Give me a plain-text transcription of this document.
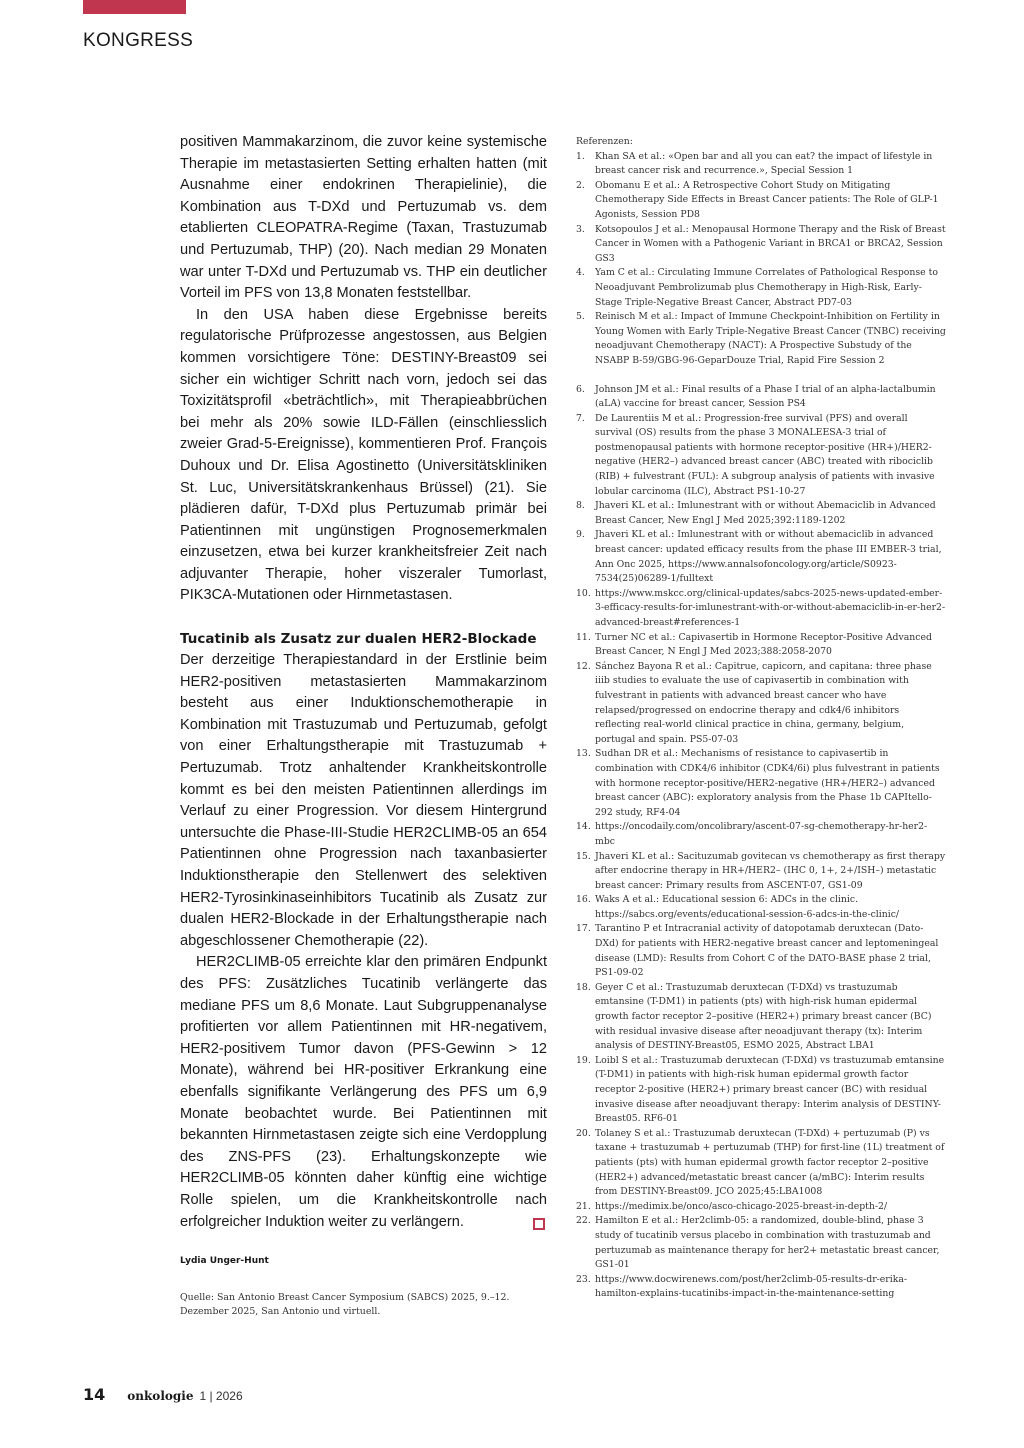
KONGRESS

positiven Mammakarzinom, die zuvor keine systemische Therapie im metastasierten Setting erhalten hatten (mit Ausnahme einer endokrinen Therapielinie), die Kombination aus T-DXd und Pertuzumab vs. dem etablierten CLEOPATRA-Regime (Taxan, Trastuzumab und Pertuzumab, THP) (20). Nach median 29 Monaten war unter T-DXd und Pertuzumab vs. THP ein deutlicher Vorteil im PFS von 13,8 Monaten feststellbar.

In den USA haben diese Ergebnisse bereits regulatorische Prüfprozesse angestossen, aus Belgien kommen vorsichtigere Töne: DESTINY-Breast09 sei sicher ein wichtiger Schritt nach vorn, jedoch sei das Toxizitätsprofil «beträchtlich», mit Therapieabbrüchen bei mehr als 20% sowie ILD-Fällen (einschliesslich zweier Grad-5-Ereignisse), kommentieren Prof. François Duhoux und Dr. Elisa Agostinetto (Universitätskliniken St. Luc, Universitätskrankenhaus Brüssel) (21). Sie plädieren dafür, T-DXd plus Pertuzumab primär bei Patientinnen mit ungünstigen Prognosemerkmalen einzusetzen, etwa bei kurzer krankheitsfreier Zeit nach adjuvanter Therapie, hoher viszeraler Tumorlast, PIK3CA-Mutationen oder Hirnmetastasen.

Tucatinib als Zusatz zur dualen HER2-Blockade

Der derzeitige Therapiestandard in der Erstlinie beim HER2-positiven metastasierten Mammakarzinom besteht aus einer Induktionschemotherapie in Kombination mit Trastuzumab und Pertuzumab, gefolgt von einer Erhaltungstherapie mit Trastuzumab + Pertuzumab. Trotz anhaltender Krankheitskontrolle kommt es bei den meisten Patientinnen allerdings im Verlauf zu einer Progression. Vor diesem Hintergrund untersuchte die Phase-III-Studie HER2CLIMB-05 an 654 Patientinnen ohne Progression nach taxanbasierter Induktionstherapie den Stellenwert des selektiven HER2-Tyrosinkinaseinhibitors Tucatinib als Zusatz zur dualen HER2-Blockade in der Erhaltungstherapie nach abgeschlossener Chemotherapie (22).

HER2CLIMB-05 erreichte klar den primären Endpunkt des PFS: Zusätzliches Tucatinib verlängerte das mediane PFS um 8,6 Monate. Laut Subgruppenanalyse profitierten vor allem Patientinnen mit HR-negativem, HER2-positivem Tumor davon (PFS-Gewinn > 12 Monate), während bei HR-positiver Erkrankung eine ebenfalls signifikante Verlängerung des PFS um 6,9 Monate beobachtet wurde. Bei Patientinnen mit bekannten Hirnmetastasen zeigte sich eine Verdopplung des ZNS-PFS (23). Erhaltungskonzepte wie HER2CLIMB-05 könnten daher künftig eine wichtige Rolle spielen, um die Krankheitskontrolle nach erfolgreicher Induktion weiter zu verlängern.

Lydia Unger-Hunt
Quelle: San Antonio Breast Cancer Symposium (SABCS) 2025, 9.–12. Dezember 2025, San Antonio und virtuell.
Referenzen:
1. Khan SA et al.: «Open bar and all you can eat? the impact of lifestyle in breast cancer risk and recurrence.», Special Session 1
2. Obomanu E et al.: A Retrospective Cohort Study on Mitigating Chemotherapy Side Effects in Breast Cancer patients: The Role of GLP-1 Agonists, Session PD8
3. Kotsopoulos J et al.: Menopausal Hormone Therapy and the Risk of Breast Cancer in Women with a Pathogenic Variant in BRCA1 or BRCA2, Session GS3
4. Yam C et al.: Circulating Immune Correlates of Pathological Response to Neoadjuvant Pembrolizumab plus Chemotherapy in High-Risk, Early-Stage Triple-Negative Breast Cancer, Abstract PD7-03
5. Reinisch M et al.: Impact of Immune Checkpoint-Inhibition on Fertility in Young Women with Early Triple-Negative Breast Cancer (TNBC) receiving neoadjuvant Chemotherapy (NACT): A Prospective Substudy of the NSABP B-59/GBG-96-GeparDouze Trial, Rapid Fire Session 2
6. Johnson JM et al.: Final results of a Phase I trial of an alpha-lactalbumin (aLA) vaccine for breast cancer, Session PS4
7. De Laurentiis M et al.: Progression-free survival (PFS) and overall survival (OS) results from the phase 3 MONALEESA-3 trial of postmenopausal patients with hormone receptor-positive (HR+)/HER2-negative (HER2–) advanced breast cancer (ABC) treated with ribociclib (RIB) + fulvestrant (FUL): A subgroup analysis of patients with invasive lobular carcinoma (ILC), Abstract PS1-10-27
8. Jhaveri KL et al.: Imlunestrant with or without Abemaciclib in Advanced Breast Cancer, New Engl J Med 2025;392:1189-1202
9. Jhaveri KL et al.: Imlunestrant with or without abemaciclib in advanced breast cancer: updated efficacy results from the phase III EMBER-3 trial, Ann Onc 2025, https://www.annalsofoncology.org/article/S0923-7534(25)06289-1/fulltext
10. https://www.mskcc.org/clinical-updates/sabcs-2025-news-updated-ember-3-efficacy-results-for-imlunestrant-with-or-without-abemaciclib-in-er-her2-advanced-breast#references-1
11. Turner NC et al.: Capivasertib in Hormone Receptor-Positive Advanced Breast Cancer, N Engl J Med 2023;388:2058-2070
12. Sánchez Bayona R et al.: Capitrue, capicorn, and capitana: three phase iiib studies to evaluate the use of capivasertib in combination with fulvestrant in patients with advanced breast cancer who have relapsed/progressed on endocrine therapy and cdk4/6 inhibitors reflecting real-world clinical practice in china, germany, belgium, portugal and spain. PS5-07-03
13. Sudhan DR et al.: Mechanisms of resistance to capivasertib in combination with CDK4/6 inhibitor (CDK4/6i) plus fulvestrant in patients with hormone receptor-positive/HER2-negative (HR+/HER2–) advanced breast cancer (ABC): exploratory analysis from the Phase 1b CAPItello-292 study, RF4-04
14. https://oncodaily.com/oncolibrary/ascent-07-sg-chemotherapy-hr-her2-mbc
15. Jhaveri KL et al.: Sacituzumab govitecan vs chemotherapy as first therapy after endocrine therapy in HR+/HER2– (IHC 0, 1+, 2+/ISH–) metastatic breast cancer: Primary results from ASCENT-07, GS1-09
16. Waks A et al.: Educational session 6: ADCs in the clinic. https://sabcs.org/events/educational-session-6-adcs-in-the-clinic/
17. Tarantino P et Intracranial activity of datopotamab deruxtecan (Dato-DXd) for patients with HER2-negative breast cancer and leptomeningeal disease (LMD): Results from Cohort C of the DATO-BASE phase 2 trial, PS1-09-02
18. Geyer C et al.: Trastuzumab deruxtecan (T-DXd) vs trastuzumab emtansine (T-DM1) in patients (pts) with high-risk human epidermal growth factor receptor 2–positive (HER2+) primary breast cancer (BC) with residual invasive disease after neoadjuvant therapy (tx): Interim analysis of DESTINY-Breast05, ESMO 2025, Abstract LBA1
19. Loibl S et al.: Trastuzumab deruxtecan (T-DXd) vs trastuzumab emtansine (T-DM1) in patients with high-risk human epidermal growth factor receptor 2-positive (HER2+) primary breast cancer (BC) with residual invasive disease after neoadjuvant therapy: Interim analysis of DESTINY-Breast05. RF6-01
20. Tolaney S et al.: Trastuzumab deruxtecan (T-DXd) + pertuzumab (P) vs taxane + trastuzumab + pertuzumab (THP) for first-line (1L) treatment of patients (pts) with human epidermal growth factor receptor 2–positive (HER2+) advanced/metastatic breast cancer (a/mBC): Interim results from DESTINY-Breast09. JCO 2025;45:LBA1008
21. https://medimix.be/onco/asco-chicago-2025-breast-in-depth-2/
22. Hamilton E et al.: Her2climb-05: a randomized, double-blind, phase 3 study of tucatinib versus placebo in combination with trastuzumab and pertuzumab as maintenance therapy for her2+ metastatic breast cancer, GS1-01
23. https://www.docwirenews.com/post/her2climb-05-results-dr-erika-hamilton-explains-tucatinibs-impact-in-the-maintenance-setting
14 onkologie 1 | 2026
